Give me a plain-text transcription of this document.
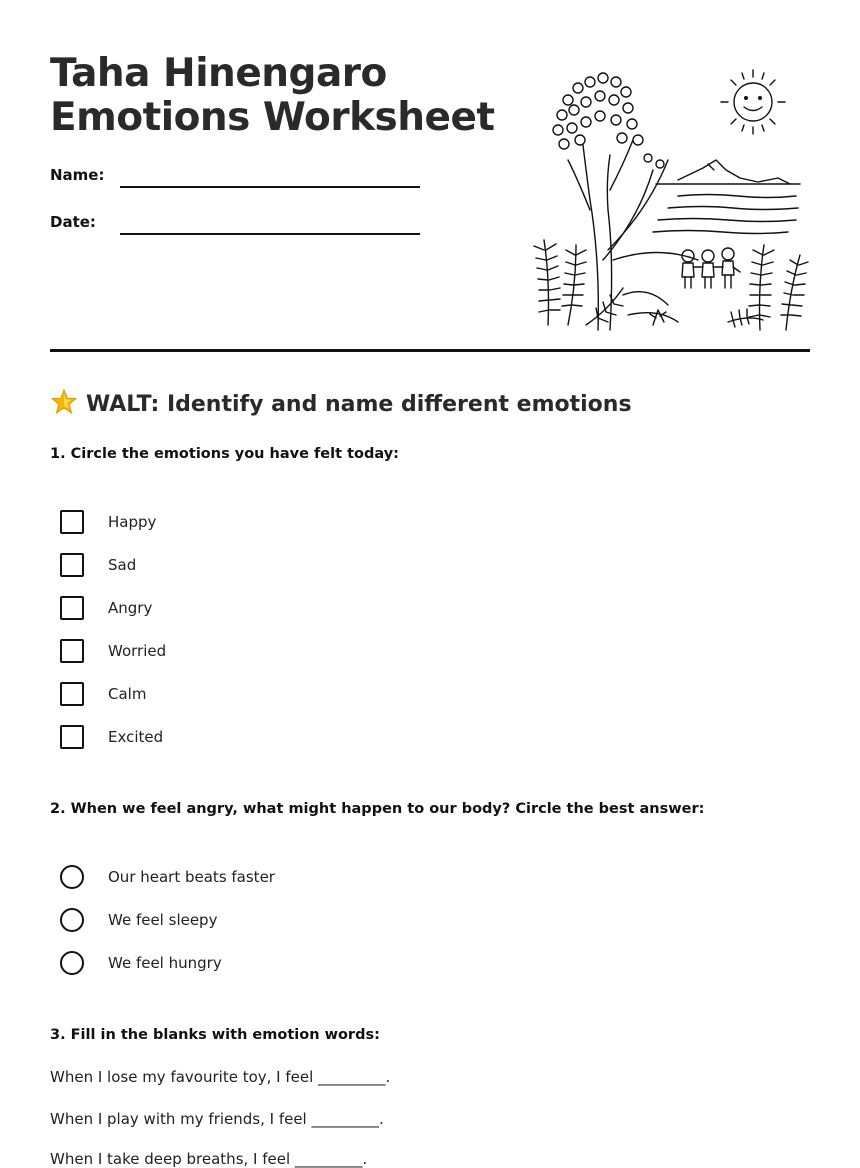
Taha Hinengaro
Emotions Worksheet
Name:
Date:
WALT: Identify and name different emotions
1. Circle the emotions you have felt today:
Happy
Sad
Angry
Worried
Calm
Excited
2. When we feel angry, what might happen to our body? Circle the best answer:
Our heart beats faster
We feel sleepy
We feel hungry
3. Fill in the blanks with emotion words:
When I lose my favourite toy, I feel _________.
When I play with my friends, I feel _________.
When I take deep breaths, I feel _________.
